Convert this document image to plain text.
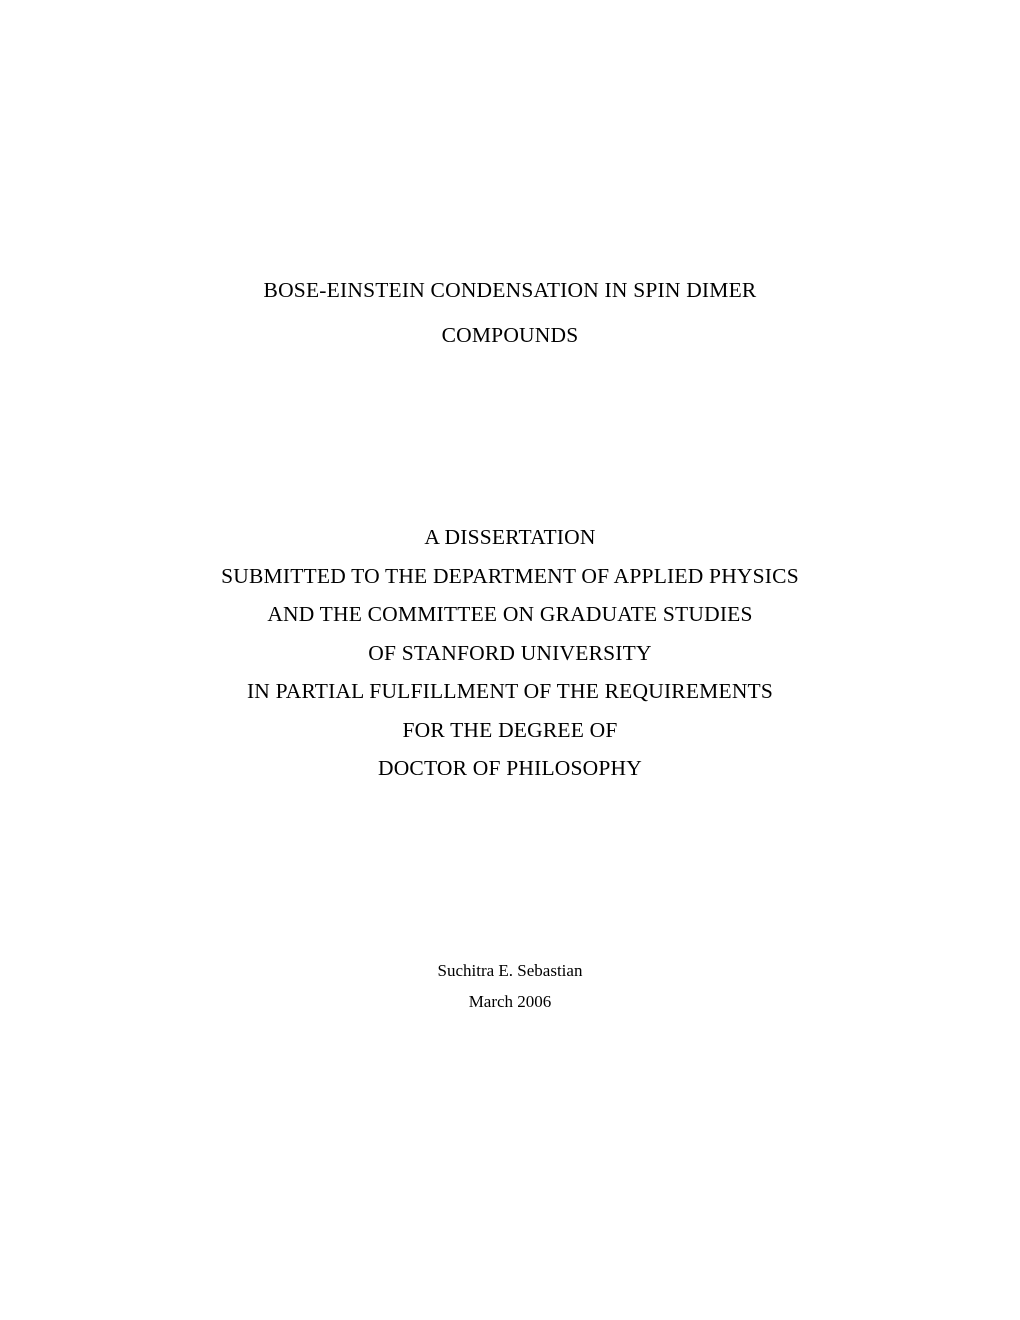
BOSE-EINSTEIN CONDENSATION IN SPIN DIMER
COMPOUNDS
A DISSERTATION
SUBMITTED TO THE DEPARTMENT OF APPLIED PHYSICS
AND THE COMMITTEE ON GRADUATE STUDIES
OF STANFORD UNIVERSITY
IN PARTIAL FULFILLMENT OF THE REQUIREMENTS
FOR THE DEGREE OF
DOCTOR OF PHILOSOPHY
Suchitra E. Sebastian
March 2006
